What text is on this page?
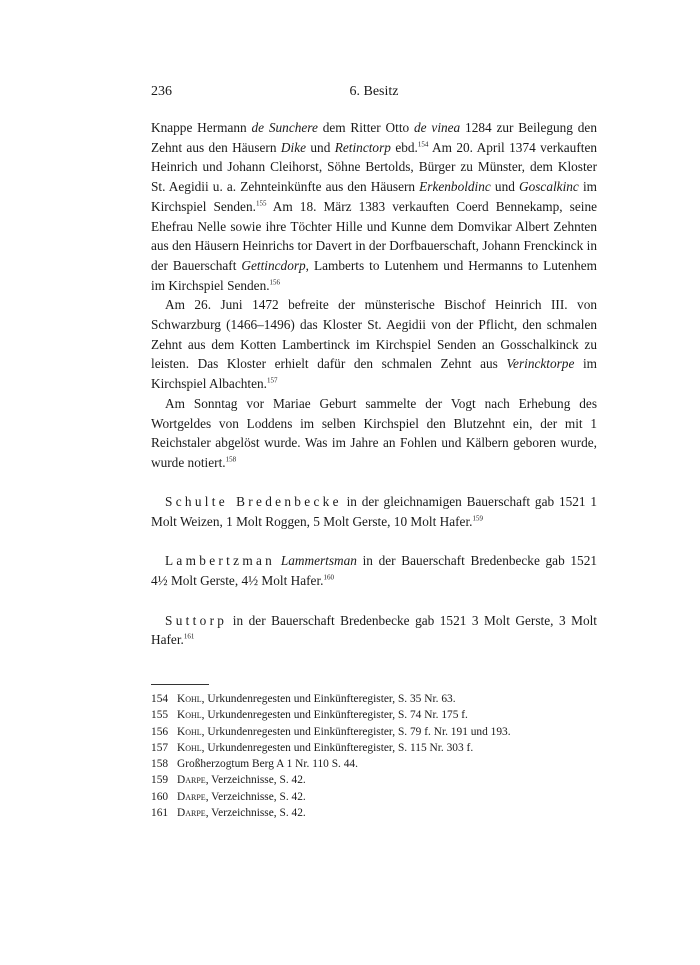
236	6. Besitz

Knappe Hermann de Sunchere dem Ritter Otto de vinea 1284 zur Beilegung den Zehnt aus den Häusern Dike und Retinctorp ebd.$^{154}$ Am 20. April 1374 verkauften Heinrich und Johann Cleihorst, Söhne Bertolds, Bürger zu Münster, dem Kloster St. Aegidii u. a. Zehnteinkünfte aus den Häusern Erkenboldinc und Goscalkinc im Kirchspiel Senden.$^{155}$ Am 18. März 1383 verkauften Coerd Bennekamp, seine Ehefrau Nelle sowie ihre Töchter Hille und Kunne dem Domvikar Albert Zehnten aus den Häusern Heinrichs tor Davert in der Dorfbauerschaft, Johann Frenckinck in der Bauerschaft Gettincdorp, Lamberts to Lutenhem und Hermanns to Lutenhem im Kirchspiel Senden.$^{156}$

Am 26. Juni 1472 befreite der münsterische Bischof Heinrich III. von Schwarzburg (1466–1496) das Kloster St. Aegidii von der Pflicht, den schmalen Zehnt aus dem Kotten Lambertinck im Kirchspiel Senden an Gosschalkinck zu leisten. Das Kloster erhielt dafür den schmalen Zehnt aus Verincktorpe im Kirchspiel Albachten.$^{157}$

Am Sonntag vor Mariae Geburt sammelte der Vogt nach Erhebung des Wortgeldes von Loddens im selben Kirchspiel den Blutzehnt ein, der mit 1 Reichstaler abgelöst wurde. Was im Jahre an Fohlen und Kälbern geboren wurde, wurde notiert.$^{158}$

Schulte Bredenbecke in der gleichnamigen Bauerschaft gab 1521 1 Molt Weizen, 1 Molt Roggen, 5 Molt Gerste, 10 Molt Hafer.$^{159}$

Lambertzman Lammertsman in der Bauerschaft Bredenbecke gab 1521 4½ Molt Gerste, 4½ Molt Hafer.$^{160}$

Suttorp in der Bauerschaft Bredenbecke gab 1521 3 Molt Gerste, 3 Molt Hafer.$^{161}$

154 Kohl, Urkundenregesten und Einkünfteregister, S. 35 Nr. 63.
155 Kohl, Urkundenregesten und Einkünfteregister, S. 74 Nr. 175 f.
156 Kohl, Urkundenregesten und Einkünfteregister, S. 79 f. Nr. 191 und 193.
157 Kohl, Urkundenregesten und Einkünfteregister, S. 115 Nr. 303 f.
158 Großherzogtum Berg A 1 Nr. 110 S. 44.
159 Darpe, Verzeichnisse, S. 42.
160 Darpe, Verzeichnisse, S. 42.
161 Darpe, Verzeichnisse, S. 42.
